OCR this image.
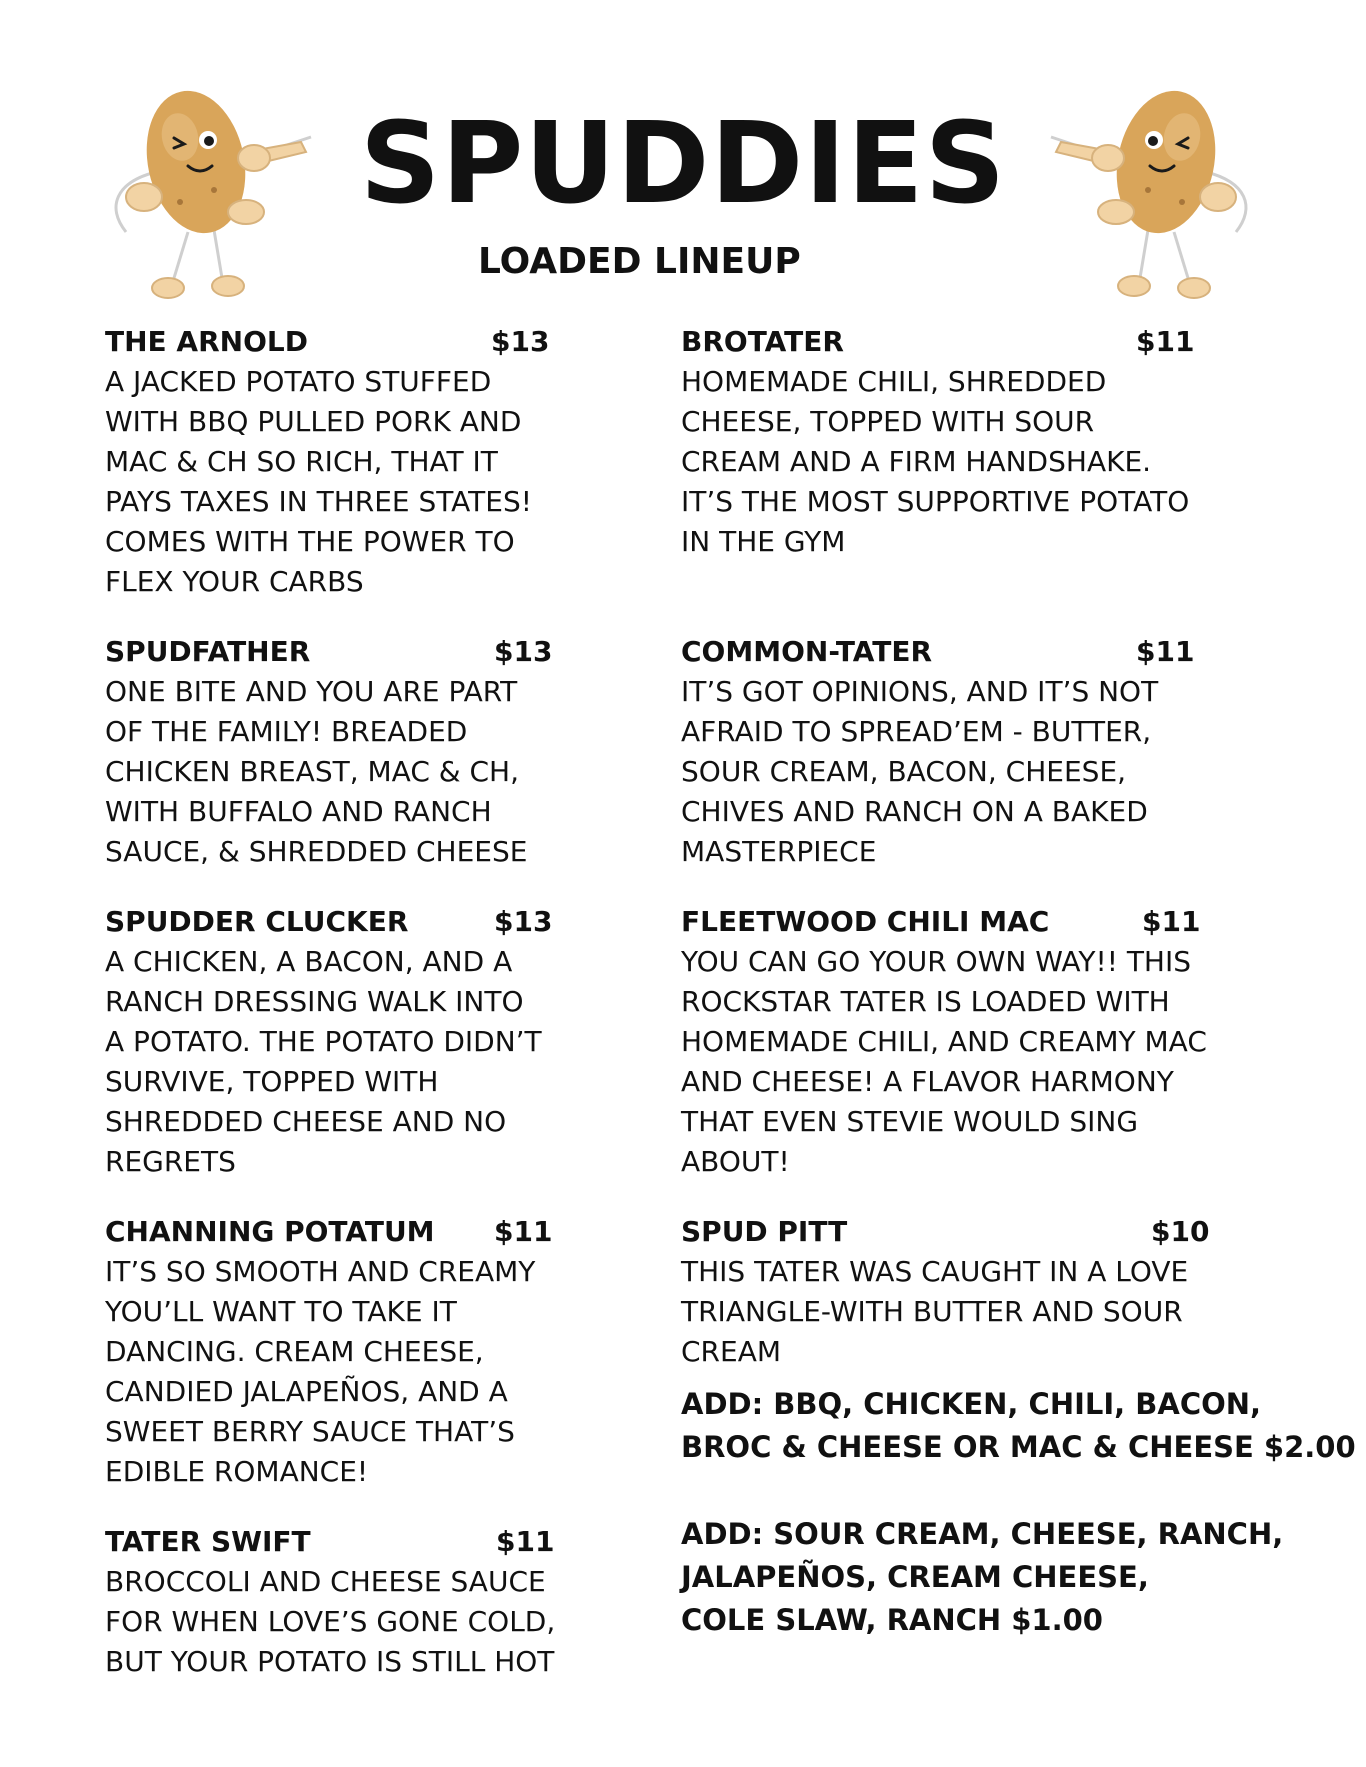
SPUDDIES
LOADED LINEUP
THE ARNOLD	$13

A JACKED POTATO STUFFED

WITH BBQ PULLED PORK AND

MAC & CH SO RICH, THAT IT

PAYS TAXES IN THREE STATES!

COMES WITH THE POWER TO

FLEX YOUR CARBS

SPUDFATHER	$13

ONE BITE AND YOU ARE PART

OF THE FAMILY! BREADED

CHICKEN BREAST, MAC & CH,

WITH BUFFALO AND RANCH

SAUCE, & SHREDDED CHEESE

SPUDDER CLUCKER	$13

A CHICKEN, A BACON, AND A

RANCH DRESSING WALK INTO

A POTATO. THE POTATO DIDN’T

SURVIVE, TOPPED WITH

SHREDDED CHEESE AND NO

REGRETS

CHANNING POTATUM $11

IT’S SO SMOOTH AND CREAMY

YOU’LL WANT TO TAKE IT

DANCING. CREAM CHEESE,

CANDIED JALAPEÑOS, AND A

SWEET BERRY SAUCE THAT’S

EDIBLE ROMANCE!

TATER SWIFT	$11

BROCCOLI AND CHEESE SAUCE

FOR WHEN LOVE’S GONE COLD,

BUT YOUR POTATO IS STILL HOT

BROTATER	$11

HOMEMADE CHILI, SHREDDED

CHEESE, TOPPED WITH SOUR

CREAM AND A FIRM HANDSHAKE.

IT’S THE MOST SUPPORTIVE POTATO

IN THE GYM

COMMON-TATER	$11

IT’S GOT OPINIONS, AND IT’S NOT

AFRAID TO SPREAD’EM - BUTTER,

SOUR CREAM, BACON, CHEESE,

CHIVES AND RANCH ON A BAKED

MASTERPIECE

FLEETWOOD CHILI MAC	$11

YOU CAN GO YOUR OWN WAY!! THIS

ROCKSTAR TATER IS LOADED WITH

HOMEMADE CHILI, AND CREAMY MAC

AND CHEESE! A FLAVOR HARMONY

THAT EVEN STEVIE WOULD SING

ABOUT!

SPUD PITT	$10

THIS TATER WAS CAUGHT IN A LOVE

TRIANGLE-WITH BUTTER AND SOUR

CREAM

ADD: BBQ, CHICKEN, CHILI, BACON,
BROC & CHEESE OR MAC & CHEESE $2.00
ADD: SOUR CREAM, CHEESE, RANCH,
JALAPEÑOS, CREAM CHEESE,
COLE SLAW, RANCH $1.00
